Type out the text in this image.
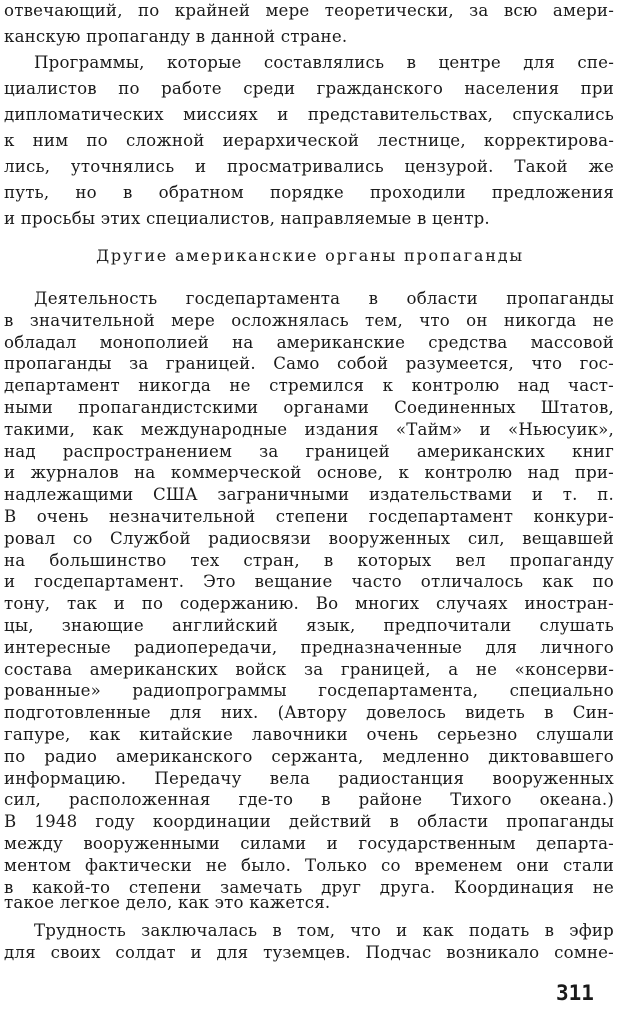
отвечающий, по крайней мере теоретически, за всю амери-
канскую пропаганду в данной стране.
Программы, которые составлялись в центре для спе-
циалистов по работе среди гражданского населения при
дипломатических миссиях и представительствах, спускались
к ним по сложной иерархической лестнице, корректирова-
лись, уточнялись и просматривались цензурой. Такой же
путь, но в обратном порядке проходили предложения
и просьбы этих специалистов, направляемые в центр.
Другие американские органы пропаганды
Деятельность госдепартамента в области пропаганды
в значительной мере осложнялась тем, что он никогда не
обладал монополией на американские средства массовой
пропаганды за границей. Само собой разумеется, что гос-
департамент никогда не стремился к контролю над част-
ными пропагандистскими органами Соединенных Штатов,
такими, как международные издания «Тайм» и «Ньюсуик»,
над распространением за границей американских книг
и журналов на коммерческой основе, к контролю над при-
надлежащими США заграничными издательствами и т. п.
В очень незначительной степени госдепартамент конкури-
ровал со Службой радиосвязи вооруженных сил, вещавшей
на большинство тех стран, в которых вел пропаганду
и госдепартамент. Это вещание часто отличалось как по
тону, так и по содержанию. Во многих случаях иностран-
цы, знающие английский язык, предпочитали слушать
интересные радиопередачи, предназначенные для личного
состава американских войск за границей, а не «консерви-
рованные» радиопрограммы госдепартамента, специально
подготовленные для них. (Автору довелось видеть в Син-
гапуре, как китайские лавочники очень серьезно слушали
по радио американского сержанта, медленно диктовавшего
информацию. Передачу вела радиостанция вооруженных
сил, расположенная где-то в районе Тихого океана.)
В 1948 году координации действий в области пропаганды
между вооруженными силами и государственным департа-
ментом фактически не было. Только со временем они стали
в какой-то степени замечать друг друга. Координация не
такое легкое дело, как это кажется.
Трудность заключалась в том, что и как подать в эфир
для своих солдат и для туземцев. Подчас возникало сомне-
311
